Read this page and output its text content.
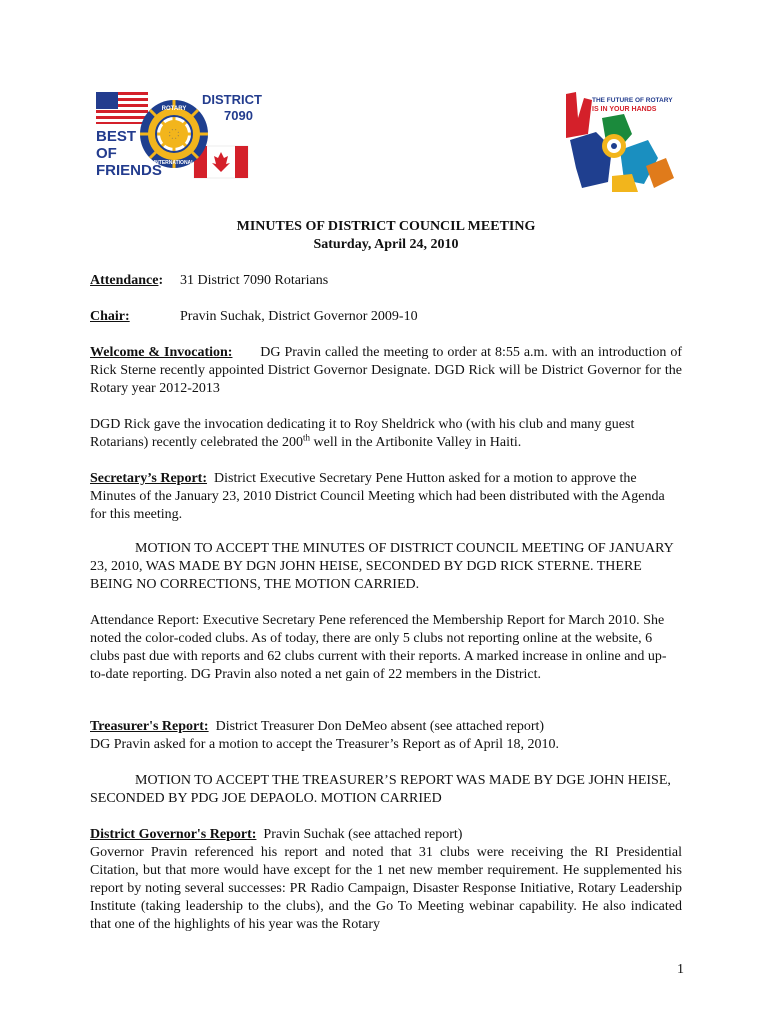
ROTARY
INTERNATIONAL
DISTRICT
7090
BEST
OF
FRIENDS
THE FUTURE OF ROTARY
IS IN YOUR HANDS
MINUTES OF DISTRICT COUNCIL MEETING
Saturday, April 24, 2010
Attendance: 31 District 7090 Rotarians
Chair:	Pravin Suchak, District Governor 2009-10
Welcome & Invocation: DG Pravin called the meeting to order at 8:55 a.m. with an introduction of Rick Sterne recently appointed District Governor Designate. DGD Rick will be District Governor for the Rotary year 2012-2013
DGD Rick gave the invocation dedicating it to Roy Sheldrick who (with his club and many guest Rotarians) recently celebrated the 200th well in the Artibonite Valley in Haiti.
Secretary’s Report: District Executive Secretary Pene Hutton asked for a motion to approve the Minutes of the January 23, 2010 District Council Meeting which had been distributed with the Agenda for this meeting.
MOTION TO ACCEPT THE MINUTES OF DISTRICT COUNCIL MEETING OF JANUARY 23, 2010, WAS MADE BY DGN JOHN HEISE, SECONDED BY DGD RICK STERNE. THERE BEING NO CORRECTIONS, THE MOTION CARRIED.
Attendance Report: Executive Secretary Pene referenced the Membership Report for March 2010. She noted the color-coded clubs. As of today, there are only 5 clubs not reporting online at the website, 6 clubs past due with reports and 62 clubs current with their reports. A marked increase in online and up-to-date reporting. DG Pravin also noted a net gain of 22 members in the District.
Treasurer's Report: District Treasurer Don DeMeo absent (see attached report)
DG Pravin asked for a motion to accept the Treasurer’s Report as of April 18, 2010.
MOTION TO ACCEPT THE TREASURER’S REPORT WAS MADE BY DGE JOHN HEISE, SECONDED BY PDG JOE DEPAOLO. MOTION CARRIED
District Governor's Report: Pravin Suchak (see attached report)
Governor Pravin referenced his report and noted that 31 clubs were receiving the RI Presidential Citation, but that more would have except for the 1 net new member requirement. He supplemented his report by noting several successes: PR Radio Campaign, Disaster Response Initiative, Rotary Leadership Institute (taking leadership to the clubs), and the Go To Meeting webinar capability. He also indicated that one of the highlights of his year was the Rotary
1
